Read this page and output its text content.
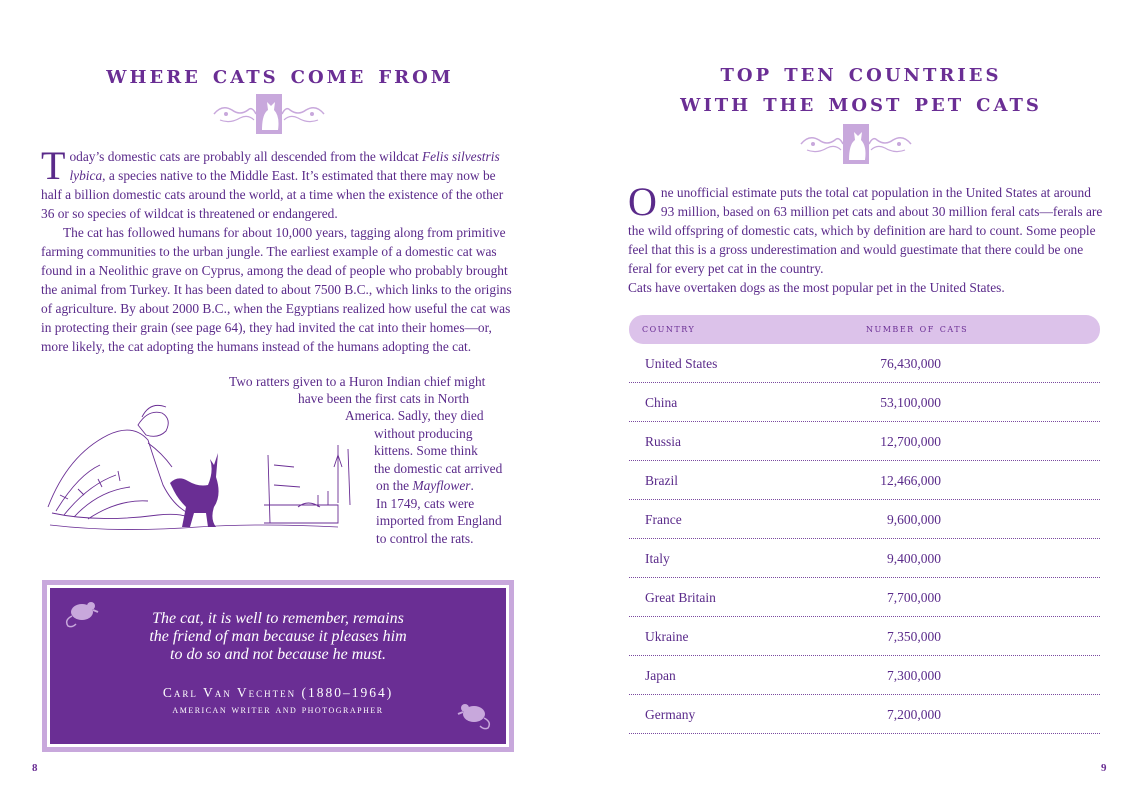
where cats come from

Today’s domestic cats are probably all descended from the wildcat Felis silvestris lybica, a species native to the Middle East. It’s estimated that there may now be half a billion domestic cats around the world, at a time when the existence of the other 36 or so species of wildcat is threatened or endangered.
The cat has followed humans for about 10,000 years, tagging along from primitive farming communities to the urban jungle. The earliest example of a domestic cat was found in a Neolithic grave on Cyprus, among the dead of people who probably brought the animal from Turkey. It has been dated to about 7500 B.C., which links to the origins of agriculture. By about 2000 B.C., when the Egyptians realized how useful the cat was in protecting their grain (see page 64), they had invited the cat into their homes—or, more likely, the cat adopting the humans instead of the humans adopting the cat.

Two ratters given to a Huron Indian chief might

have been the first cats in North

America. Sadly, they died

without producing

kittens. Some think

the domestic cat arrived

on the Mayflower.

In 1749, cats were

imported from England

to control the rats.

The cat, it is well to remember, remains
the friend of man because it pleases him
to do so and not because he must.
Carl Van Vechten (1880–1964)
american writer and photographer
8
top ten countries
with the most pet cats

One unofficial estimate puts the total cat population in the United States at around 93 million, based on 63 million pet cats and about 30 million feral cats—ferals are the wild offspring of domestic cats, which by definition are hard to count. Some people feel that this is a gross underestimation and would guestimate that there could be one feral for every pet cat in the country.
Cats have overtaken dogs as the most popular pet in the United States.

country	number of cats
United States	76,430,000
China	53,100,000
Russia	12,700,000
Brazil	12,466,000
France	9,600,000
Italy	9,400,000
Great Britain	7,700,000
Ukraine	7,350,000
Japan	7,300,000
Germany	7,200,000
9
